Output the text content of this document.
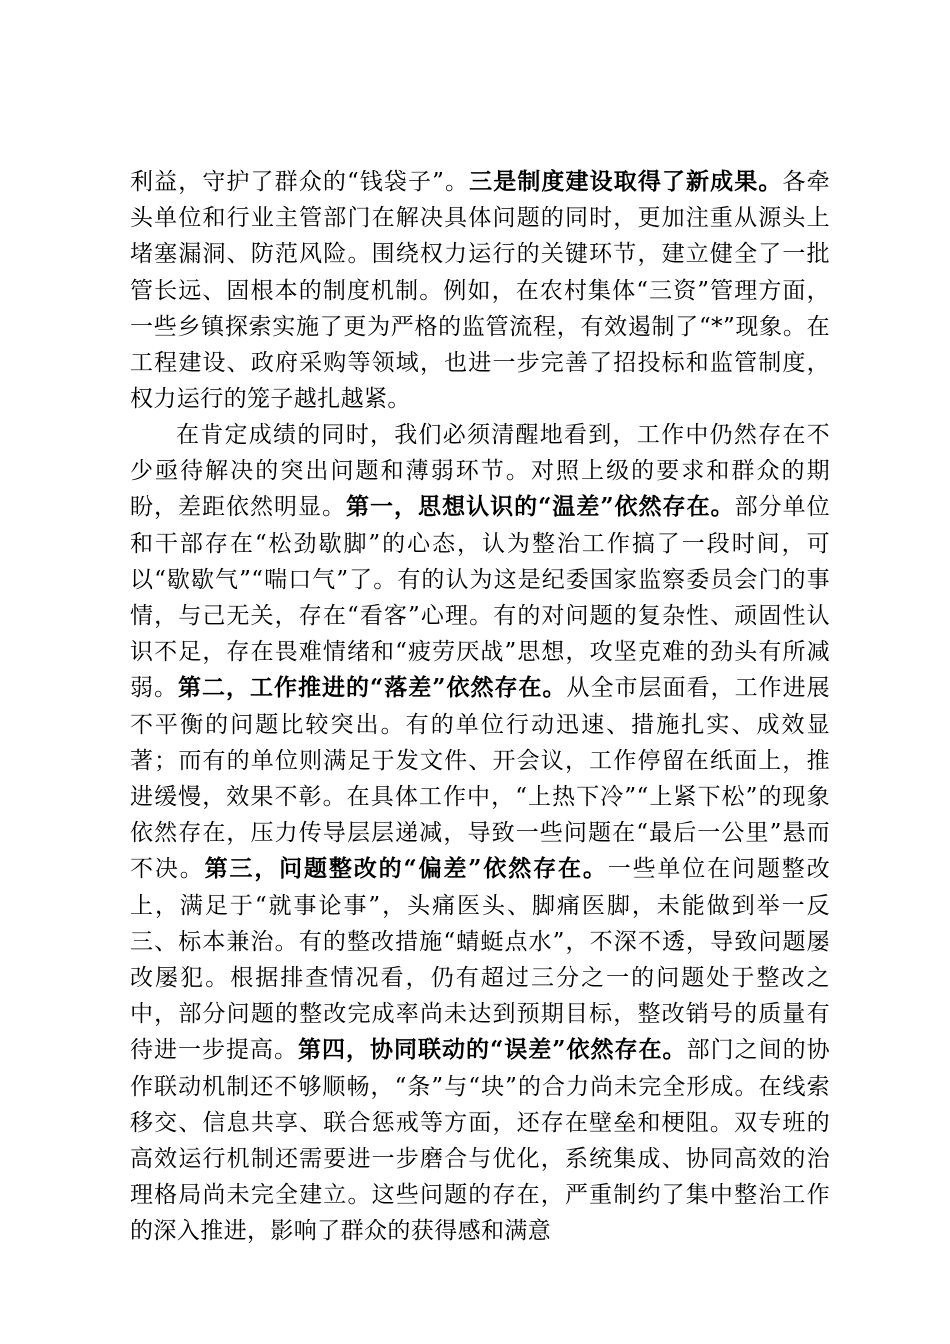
利益，守护了群众的“钱袋子”。三是制度建设取得了新成果。各牵头单位和行业主管部门在解决具体问题的同时，更加注重从源头上堵塞漏洞、防范风险。围绕权力运行的关键环节，建立健全了一批管长远、固根本的制度机制。例如，在农村集体“三资”管理方面，一些乡镇探索实施了更为严格的监管流程，有效遏制了“*”现象。在工程建设、政府采购等领域，也进一步完善了招投标和监管制度，权力运行的笼子越扎越紧。

在肯定成绩的同时，我们必须清醒地看到，工作中仍然存在不少亟待解决的突出问题和薄弱环节。对照上级的要求和群众的期盼，差距依然明显。第一，思想认识的“温差”依然存在。部分单位和干部存在“松劲歇脚”的心态，认为整治工作搞了一段时间，可以“歇歇气”“喘口气”了。有的认为这是纪委国家监察委员会门的事情，与己无关，存在“看客”心理。有的对问题的复杂性、顽固性认识不足，存在畏难情绪和“疲劳厌战”思想，攻坚克难的劲头有所减弱。第二，工作推进的“落差”依然存在。从全市层面看，工作进展不平衡的问题比较突出。有的单位行动迅速、措施扎实、成效显著；而有的单位则满足于发文件、开会议，工作停留在纸面上，推进缓慢，效果不彰。在具体工作中，“上热下冷”“上紧下松”的现象依然存在，压力传导层层递减，导致一些问题在“最后一公里”悬而不决。第三，问题整改的“偏差”依然存在。一些单位在问题整改上，满足于“就事论事”，头痛医头、脚痛医脚，未能做到举一反三、标本兼治。有的整改措施“蜻蜓点水”，不深不透，导致问题屡改屡犯。根据排查情况看，仍有超过三分之一的问题处于整改之中，部分问题的整改完成率尚未达到预期目标，整改销号的质量有待进一步提高。第四，协同联动的“误差”依然存在。部门之间的协作联动机制还不够顺畅，“条”与“块”的合力尚未完全形成。在线索移交、信息共享、联合惩戒等方面，还存在壁垒和梗阻。双专班的高效运行机制还需要进一步磨合与优化，系统集成、协同高效的治理格局尚未完全建立。这些问题的存在，严重制约了集中整治工作的深入推进，影响了群众的获得感和满意
